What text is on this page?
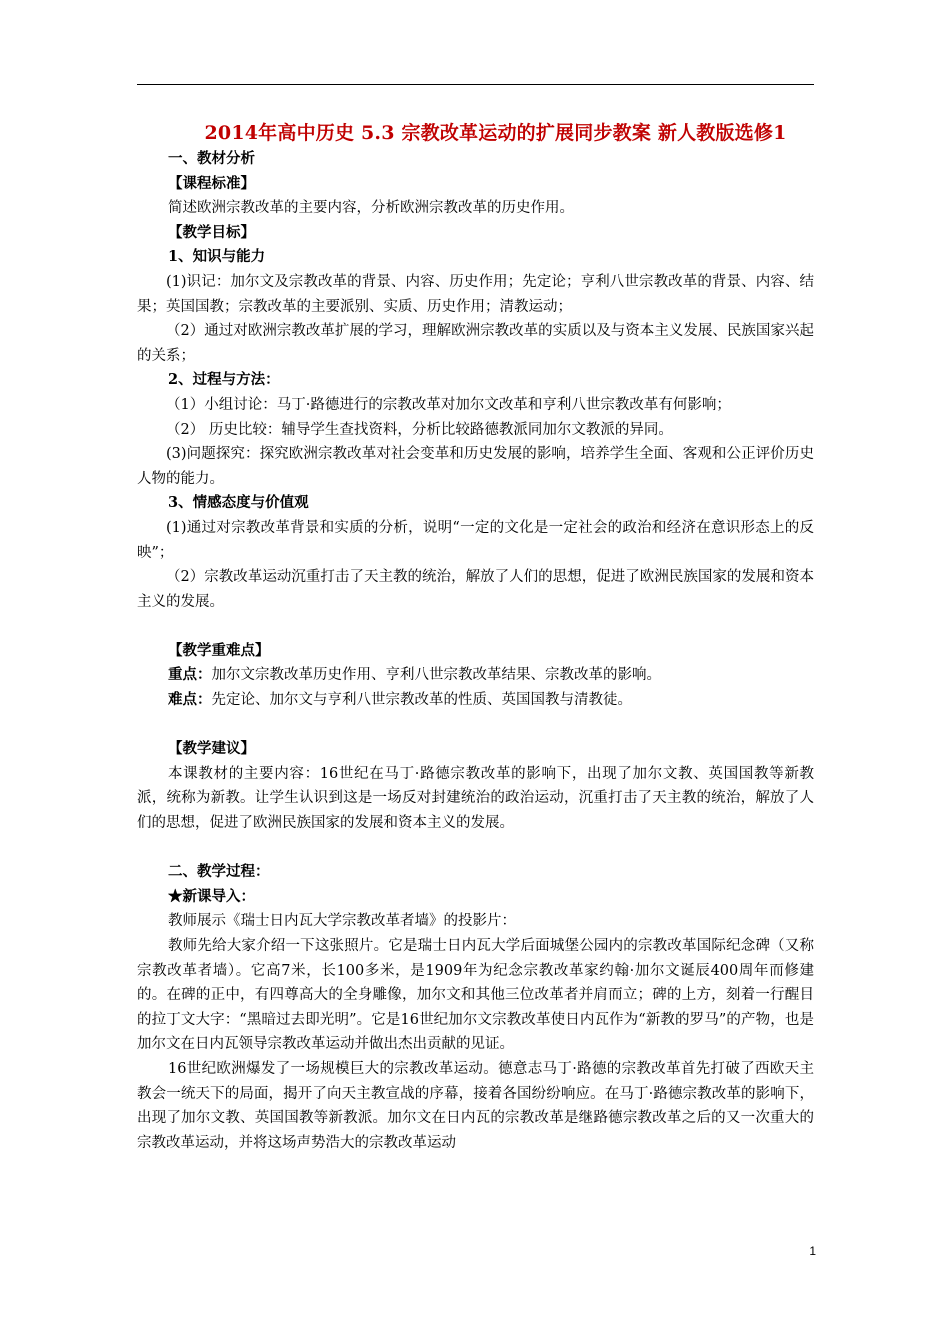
2014年高中历史 5.3 宗教改革运动的扩展同步教案 新人教版选修1

一、教材分析

【课程标准】

简述欧洲宗教改革的主要内容，分析欧洲宗教改革的历史作用。

【教学目标】

1、知识与能力

(1)识记：加尔文及宗教改革的背景、内容、历史作用；先定论；亨利八世宗教改革的背景、内容、结果；英国国教；宗教改革的主要派别、实质、历史作用；清教运动；

（2）通过对欧洲宗教改革扩展的学习，理解欧洲宗教改革的实质以及与资本主义发展、民族国家兴起的关系；

2、过程与方法：

（1）小组讨论：马丁·路德进行的宗教改革对加尔文改革和亨利八世宗教改革有何影响；

（2） 历史比较：辅导学生查找资料，分析比较路德教派同加尔文教派的异同。

(3)问题探究：探究欧洲宗教改革对社会变革和历史发展的影响，培养学生全面、客观和公正评价历史人物的能力。

3、情感态度与价值观

(1)通过对宗教改革背景和实质的分析，说明“一定的文化是一定社会的政治和经济在意识形态上的反映”；

（2）宗教改革运动沉重打击了天主教的统治，解放了人们的思想，促进了欧洲民族国家的发展和资本主义的发展。

【教学重难点】

重点：加尔文宗教改革历史作用、亨利八世宗教改革结果、宗教改革的影响。

难点：先定论、加尔文与亨利八世宗教改革的性质、英国国教与清教徒。

【教学建议】

本课教材的主要内容：16世纪在马丁·路德宗教改革的影响下，出现了加尔文教、英国国教等新教派，统称为新教。让学生认识到这是一场反对封建统治的政治运动，沉重打击了天主教的统治，解放了人们的思想，促进了欧洲民族国家的发展和资本主义的发展。

二、教学过程：

★新课导入：

教师展示《瑞士日内瓦大学宗教改革者墙》的投影片：

教师先给大家介绍一下这张照片。它是瑞士日内瓦大学后面城堡公园内的宗教改革国际纪念碑（又称宗教改革者墙）。它高7米，长100多米，是1909年为纪念宗教改革家约翰·加尔文诞辰400周年而修建的。在碑的正中，有四尊高大的全身雕像，加尔文和其他三位改革者并肩而立；碑的上方，刻着一行醒目的拉丁文大字：“黑暗过去即光明”。它是16世纪加尔文宗教改革使日内瓦作为“新教的罗马”的产物，也是加尔文在日内瓦领导宗教改革运动并做出杰出贡献的见证。

16世纪欧洲爆发了一场规模巨大的宗教改革运动。德意志马丁·路德的宗教改革首先打破了西欧天主教会一统天下的局面，揭开了向天主教宣战的序幕，接着各国纷纷响应。在马丁·路德宗教改革的影响下，出现了加尔文教、英国国教等新教派。加尔文在日内瓦的宗教改革是继路德宗教改革之后的又一次重大的宗教改革运动，并将这场声势浩大的宗教改革运动

1
